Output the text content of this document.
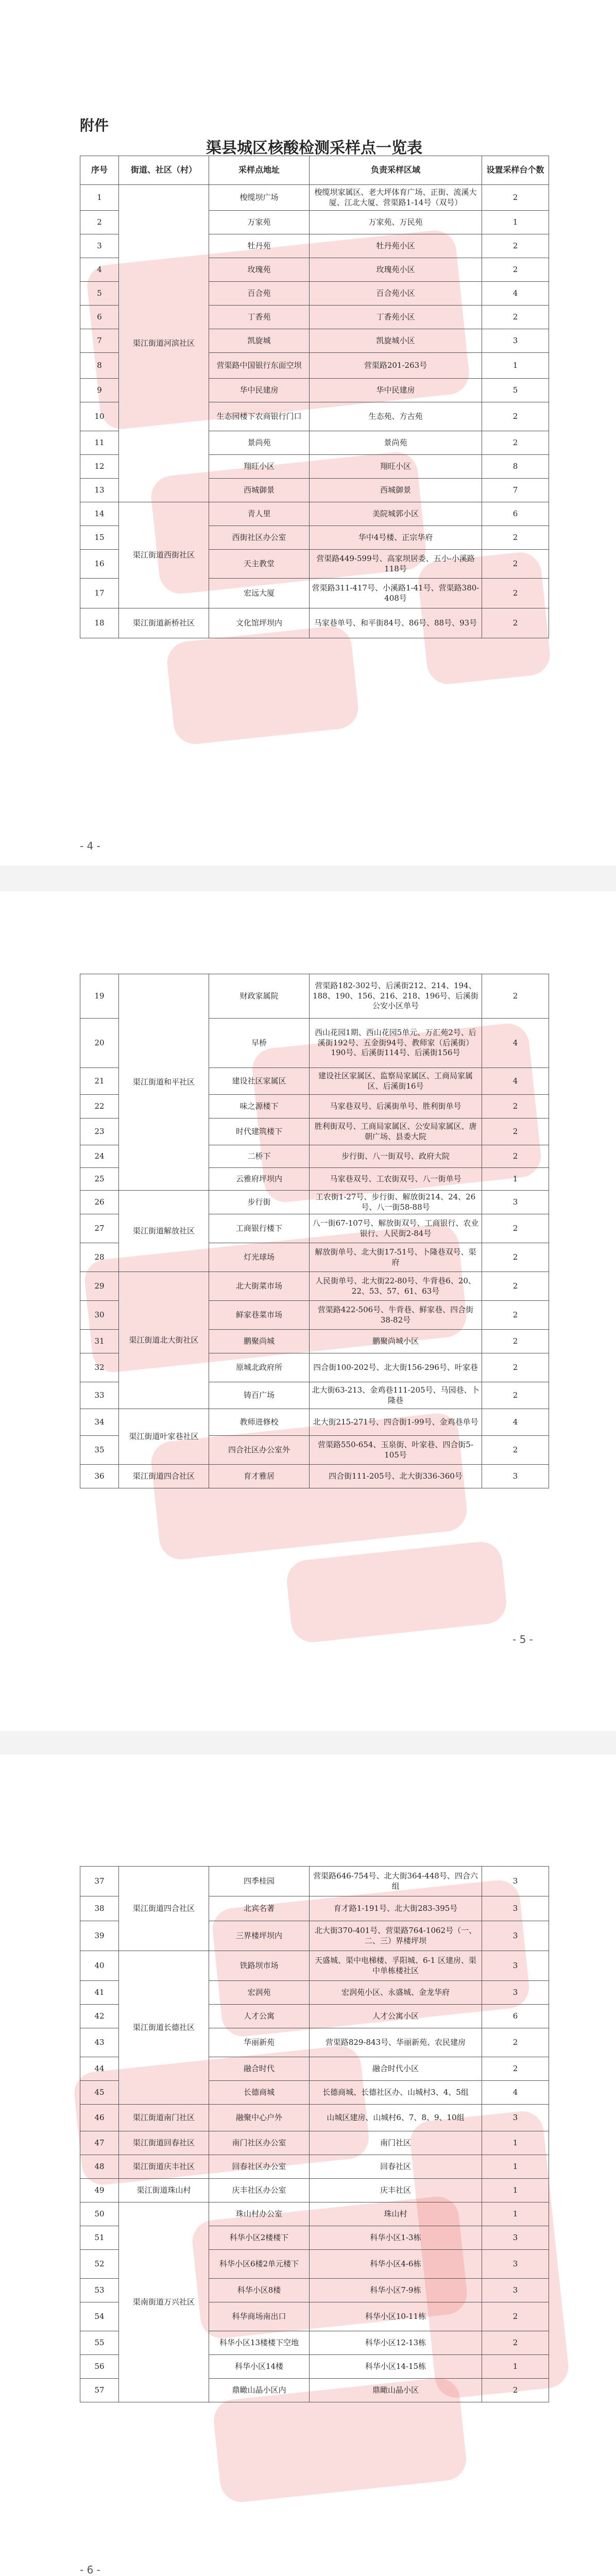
附件
渠县城区核酸检测采样点一览表
序号	街道、社区（村）	采样点地址	负责采样区域	设置采样台个数
1	渠江街道河滨社区	梭缆坝广场	梭缆坝家属区、老大坪体育广场、正街、流溪大厦、江北大厦、营渠路1-14号（双号）	2
2		万家苑	万家苑、万民苑	1
3		牡丹苑	牡丹苑小区	2
4		玫瑰苑	玫瑰苑小区	2
5		百合苑	百合苑小区	4
6		丁香苑	丁香苑小区	2
7		凯旋城	凯旋城小区	3
8		营渠路中国银行东面空坝	营渠路201-263号	1
9		华中民建房	华中民建房	5
10		生态园楼下农商银行门口	生态苑、方古苑	2
11		景尚苑	景尚苑	2
12		翔旺小区	翔旺小区	8
13		西城御景	西城御景	7
14	渠江街道西街社区	青人里	美院城郭小区	6
15		西街社区办公室	华中4号楼、正宗华府	2
16		天主教堂	营渠路449-599号、高家坝居委、五小-小溪路118号	2
17		宏远大厦	营渠路311-417号、小溪路1-41号、营渠路380-408号	2
18	渠江街道新桥社区	文化馆坪坝内	马家巷单号、和平街84号、86号、88号、93号	2
- 4 -
19	渠江街道和平社区	财政家属院	营渠路182-302号、后溪街212、214、194、188、190、156、216、218、196号、后溪街公安小区单号	2
20		早桥	西山花园1期、西山花园5单元、万汇苑2号、后溪街192号、五金街94号、教师家（后溪街）190号、后溪街114号、后溪街156号	4
21		建设社区家属区	建设社区家属区、监察局家属区、工商局家属区、后溪街16号	4
22		味之源楼下	马家巷双号、后溪街单号、胜利街单号	2
23		时代建筑楼下	胜利街双号、工商局家属区、公安局家属区、唐朝广场、县委大院	2
24		二桥下	步行街、八一街双号、政府大院	2
25		云雅府坪坝内	马家巷双号、工农街双号、八一街单号	1
26	渠江街道解放社区	步行街	工农街1-27号、步行街、解放街214、24、26号、八一街58-88号	3
27		工商银行楼下	八一街67-107号、解放街双号、工商银行、农业银行、人民街2-84号	2
28		灯光球场	解放街单号、北大街17-51号、卜隆巷双号、渠府	2
29	渠江街道北大街社区	北大街菜市场	人民街单号、北大街22-80号、牛背巷6、20、22、53、57、61、63号	2
30		鲜家巷菜市场	营渠路422-506号、牛背巷、鲜家巷、四合街38-82号	2
31		鹏聚尚城	鹏聚尚城小区	2
32		原城北政府所	四合街100-202号、北大街156-296号、叶家巷	2
33		铸百广场	北大街63-213、金鸡巷111-205号、马园巷、卜隆巷	2
34	渠江街道叶家巷社区	教师进修校	北大街215-271号、四合街1-99号、金鸡巷单号	4
35		四合社区办公室外	营渠路550-654、玉泉街、叶家巷、四合街5-105号	2
36	渠江街道四合社区	育才雅居	四合街111-205号、北大街336-360号	3
- 5 -
37	渠江街道四合社区	四季桂园	营渠路646-754号、北大街364-448号、四合六组	3
38		北宾名著	育才路1-191号、北大街283-395号	3
39		三界楼坪坝内	北大街370-401号、营渠路764-1062号（一、二、三）界楼坪坝	3
40	渠江街道长德社区	铁路坝市场	天盛城、渠中电梯楼、孚阳城、6-1 区建房、渠中单栋楼社区	3
41		宏润苑	宏润苑小区、永盛城、金龙华府	3
42		人才公寓	人才公寓小区	6
43		华丽新苑	营渠路829-843号、华丽新苑、农民建房	2
44		融合时代	融合时代小区	2
45		长德商城	长德商城、长德社区办、山城村3、4、5组	4
46	渠江街道南门社区	融聚中心户外	山城区建房、山城村6、7、8、9、10组	3
47	渠江街道回春社区	南门社区办公室	南门社区	1
48	渠江街道庆丰社区	回春社区办公室	回春社区	1
49	渠江街道珠山村	庆丰社区办公室	庆丰社区	1
50	渠南街道万兴社区	珠山村办公室	珠山村	1
51		科华小区2楼楼下	科华小区1-3栋	3
52		科华小区6楼2单元楼下	科华小区4-6栋	3
53		科华小区8楼	科华小区7-9栋	3
54		科华商场南出口	科华小区10-11栋	2
55		科华小区13楼楼下空地	科华小区12-13栋	2
56		科华小区14楼	科华小区14-15栋	1
57		鼎瞰山晶小区内	鼎瞰山晶小区	2
- 6 -
